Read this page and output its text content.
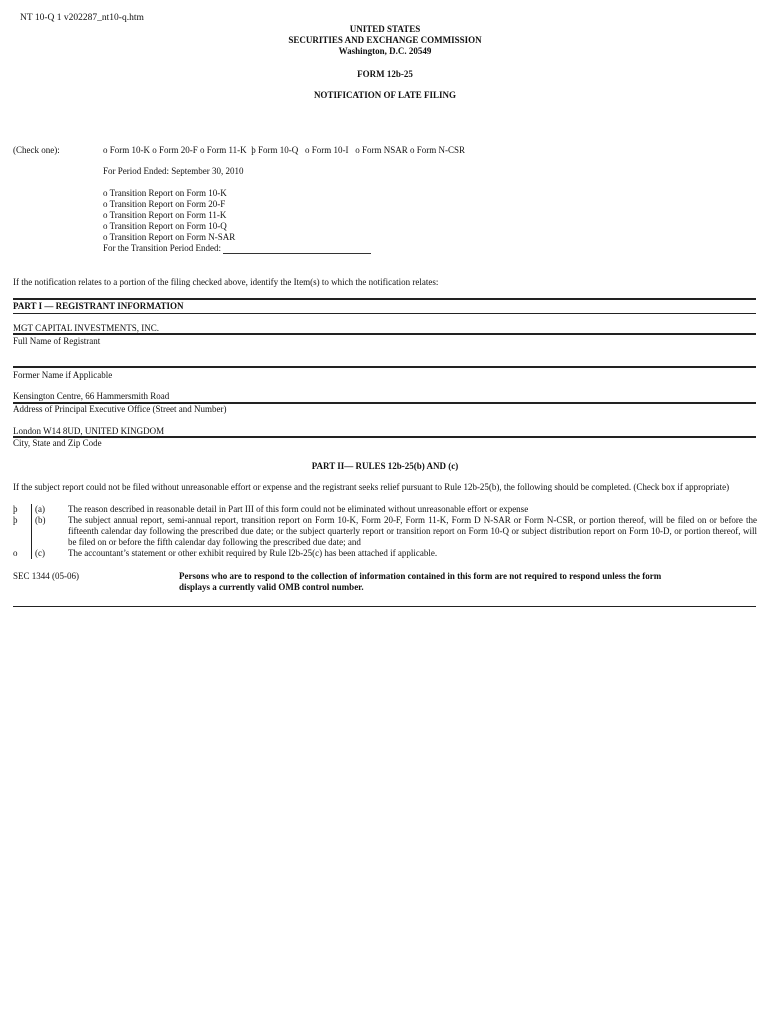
NT 10-Q 1 v202287_nt10-q.htm
UNITED STATES
SECURITIES AND EXCHANGE COMMISSION
Washington, D.C. 20549
FORM 12b-25
NOTIFICATION OF LATE FILING
(Check one):	o Form 10-K o Form 20-F o Form 11-K þ Form 10-Q o Form 10-I o Form NSAR o Form N-CSR
For Period Ended: September 30, 2010
o Transition Report on Form 10-K
o Transition Report on Form 20-F
o Transition Report on Form 11-K
o Transition Report on Form 10-Q
o Transition Report on Form N-SAR
For the Transition Period Ended:
If the notification relates to a portion of the filing checked above, identify the Item(s) to which the notification relates:
PART I — REGISTRANT INFORMATION
MGT CAPITAL INVESTMENTS, INC.
Full Name of Registrant
Former Name if Applicable
Kensington Centre, 66 Hammersmith Road
Address of Principal Executive Office (Street and Number)
London W14 8UD, UNITED KINGDOM
City, State and Zip Code
PART II— RULES 12b-25(b) AND (c)
If the subject report could not be filed without unreasonable effort or expense and the registrant seeks relief pursuant to Rule 12b-25(b), the following should be completed. (Check box if appropriate)
þ	(a)	The reason described in reasonable detail in Part III of this form could not be eliminated without unreasonable effort or expense
þ	(b)	The subject annual report, semi-annual report, transition report on Form 10-K, Form 20-F, Form 11-K, Form D N-SAR or Form N-CSR, or portion thereof, will be filed on or before the fifteenth calendar day following the prescribed due date; or the subject quarterly report or transition report on Form 10-Q or subject distribution report on Form 10-D, or portion thereof, will be filed on or before the fifth calendar day following the prescribed due date; and
o	(c)	The accountant’s statement or other exhibit required by Rule l2b-25(c) has been attached if applicable.
SEC 1344 (05-06)	Persons who are to respond to the collection of information contained in this form are not required to respond unless the form
displays a currently valid OMB control number.
